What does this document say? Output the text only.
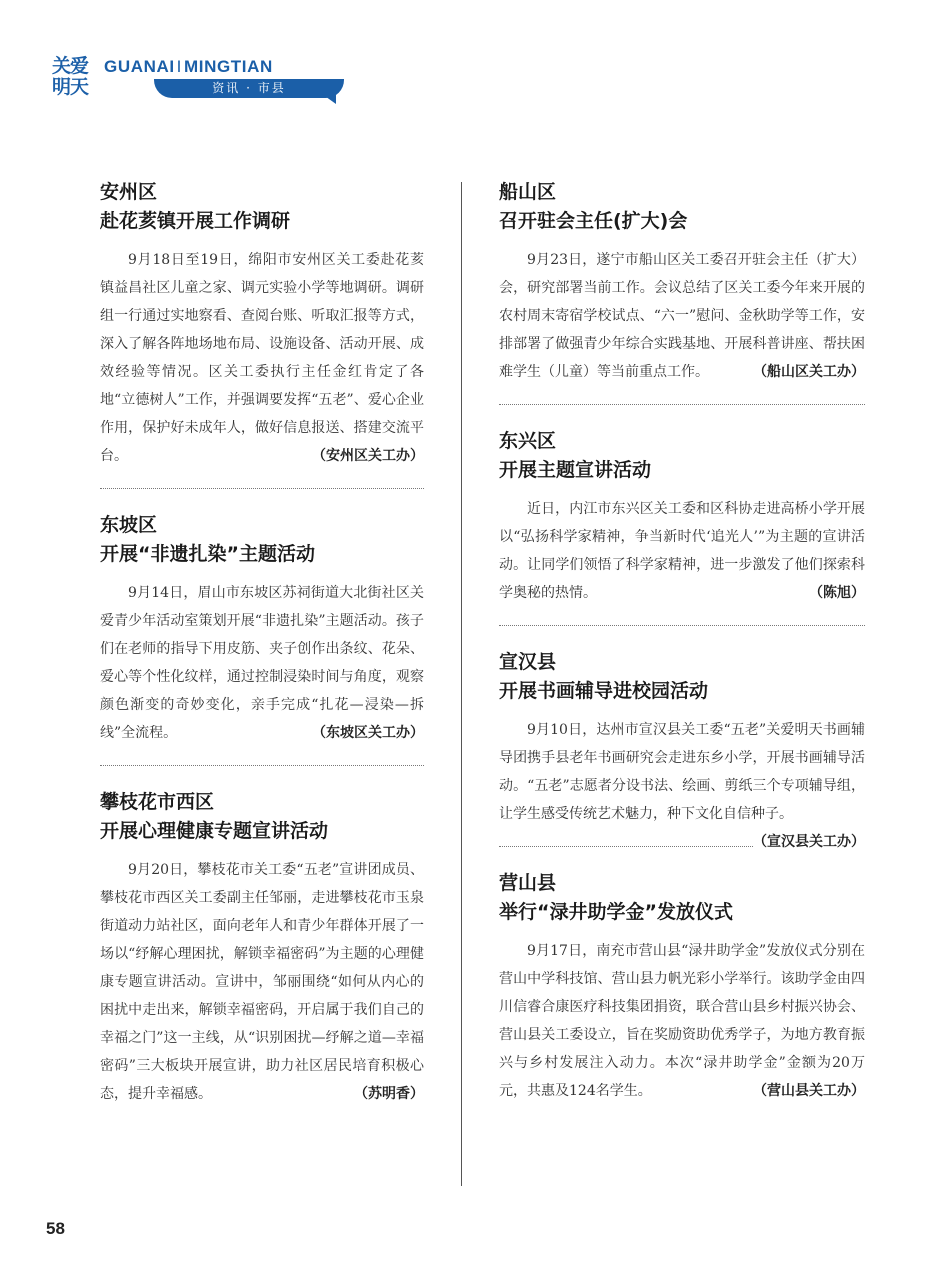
关爱
明天
GUANAI I MINGTIAN
资讯 · 市县
安州区
赴花荄镇开展工作调研

9月18日至19日，绵阳市安州区关工委赴花荄镇益昌社区儿童之家、调元实验小学等地调研。调研组一行通过实地察看、查阅台账、听取汇报等方式，深入了解各阵地场地布局、设施设备、活动开展、成效经验等情况。区关工委执行主任金红肯定了各地“立德树人”工作，并强调要发挥“五老”、爱心企业作用，保护好未成年人，做好信息报送、搭建交流平台。	（安州区关工办）

东坡区
开展“非遗扎染”主题活动

9月14日，眉山市东坡区苏祠街道大北街社区关爱青少年活动室策划开展“非遗扎染”主题活动。孩子们在老师的指导下用皮筋、夹子创作出条纹、花朵、爱心等个性化纹样，通过控制浸染时间与角度，观察颜色渐变的奇妙变化，亲手完成“扎花—浸染—拆线”全流程。	（东坡区关工办）

攀枝花市西区
开展心理健康专题宣讲活动

9月20日，攀枝花市关工委“五老”宣讲团成员、攀枝花市西区关工委副主任邹丽，走进攀枝花市玉泉街道动力站社区，面向老年人和青少年群体开展了一场以“纾解心理困扰，解锁幸福密码”为主题的心理健康专题宣讲活动。宣讲中，邹丽围绕“如何从内心的困扰中走出来，解锁幸福密码，开启属于我们自己的幸福之门”这一主线，从“识别困扰—纾解之道—幸福密码”三大板块开展宣讲，助力社区居民培育积极心态，提升幸福感。	（苏明香）

船山区
召开驻会主任(扩大)会

9月23日，遂宁市船山区关工委召开驻会主任（扩大）会，研究部署当前工作。会议总结了区关工委今年来开展的农村周末寄宿学校试点、“六一”慰问、金秋助学等工作，安排部署了做强青少年综合实践基地、开展科普讲座、帮扶困难学生（儿童）等当前重点工作。	（船山区关工办）

东兴区
开展主题宣讲活动

近日，内江市东兴区关工委和区科协走进高桥小学开展以“弘扬科学家精神，争当新时代‘追光人’”为主题的宣讲活动。让同学们领悟了科学家精神，进一步激发了他们探索科学奥秘的热情。	（陈旭）

宣汉县
开展书画辅导进校园活动

9月10日，达州市宣汉县关工委“五老”关爱明天书画辅导团携手县老年书画研究会走进东乡小学，开展书画辅导活动。“五老”志愿者分设书法、绘画、剪纸三个专项辅导组，让学生感受传统艺术魅力，种下文化自信种子。
（宣汉县关工办）

营山县
举行“渌井助学金”发放仪式

9月17日，南充市营山县“渌井助学金”发放仪式分别在营山中学科技馆、营山县力帆光彩小学举行。该助学金由四川信睿合康医疗科技集团捐资，联合营山县乡村振兴协会、营山县关工委设立，旨在奖励资助优秀学子，为地方教育振兴与乡村发展注入动力。本次“渌井助学金”金额为20万元，共惠及124名学生。	（营山县关工办）

58
